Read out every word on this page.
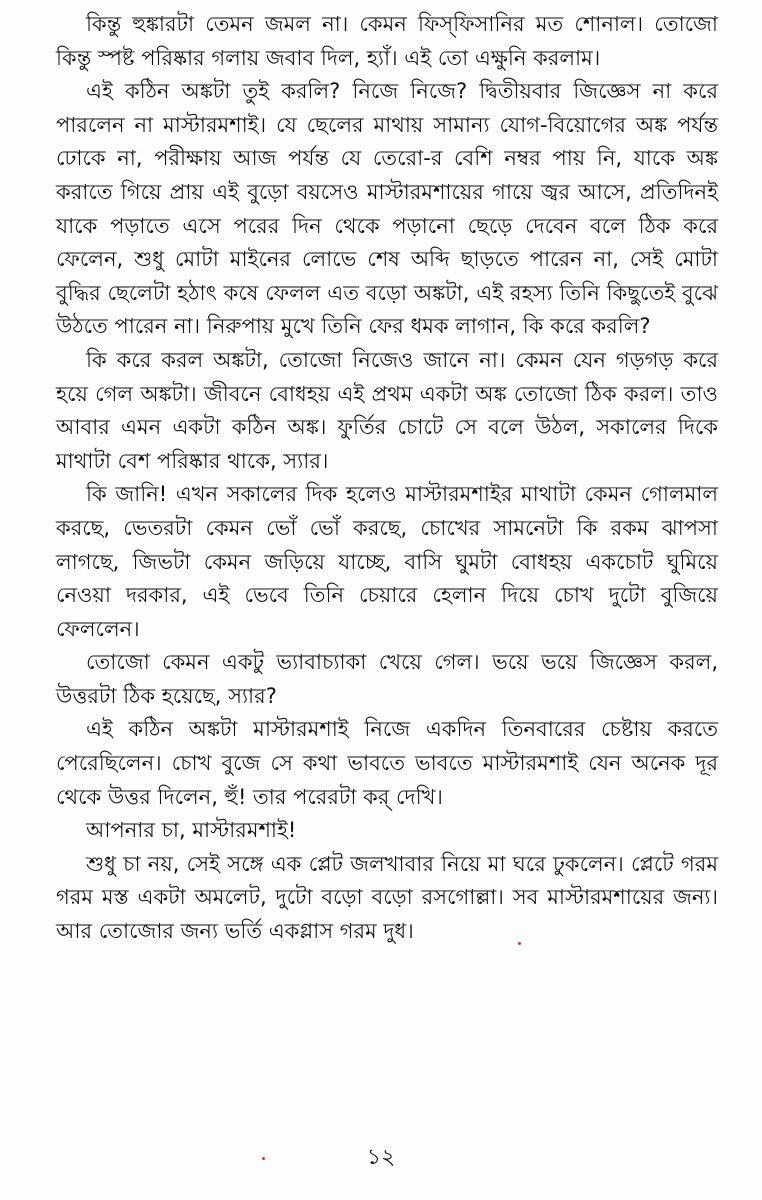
কিন্তু হুঙ্কারটা তেমন জমল না। কেমন ফিস্‌ফিসানির মত শোনাল। তোজো কিন্তু স্পষ্ট পরিষ্কার গলায় জবাব দিল, হ্যাঁ। এই তো এক্ষুনি করলাম।

এই কঠিন অঙ্কটা তুই করলি? নিজে নিজে? দ্বিতীয়বার জিজ্ঞেস না করে পারলেন না মাস্টারমশাই। যে ছেলের মাথায় সামান্য যোগ-বিয়োগের অঙ্ক পর্যন্ত ঢোকে না, পরীক্ষায় আজ পর্যন্ত যে তেরো-র বেশি নম্বর পায় নি, যাকে অঙ্ক করাতে গিয়ে প্রায় এই বুড়ো বয়সেও মাস্টারমশায়ের গায়ে জ্বর আসে, প্রতিদিনই যাকে পড়াতে এসে পরের দিন থেকে পড়ানো ছেড়ে দেবেন বলে ঠিক করে ফেলেন, শুধু মোটা মাইনের লোভে শেষ অব্দি ছাড়তে পারেন না, সেই মোটা বুদ্ধির ছেলেটা হঠাৎ কষে ফেলল এত বড়ো অঙ্কটা, এই রহস্য তিনি কিছুতেই বুঝে উঠতে পারেন না। নিরুপায় মুখে তিনি ফের ধমক লাগান, কি করে করলি?

কি করে করল অঙ্কটা, তোজো নিজেও জানে না। কেমন যেন গড়গড় করে হয়ে গেল অঙ্কটা। জীবনে বোধহয় এই প্রথম একটা অঙ্ক তোজো ঠিক করল। তাও আবার এমন একটা কঠিন অঙ্ক। ফুর্তির চোটে সে বলে উঠল, সকালের দিকে মাথাটা বেশ পরিষ্কার থাকে, স্যার।

কি জানি! এখন সকালের দিক হলেও মাস্টারমশাইর মাথাটা কেমন গোলমাল করছে, ভেতরটা কেমন ভোঁ ভোঁ করছে, চোখের সামনেটা কি রকম ঝাপসা লাগছে, জিভটা কেমন জড়িয়ে যাচ্ছে, বাসি ঘুমটা বোধহয় একচোট ঘুমিয়ে নেওয়া দরকার, এই ভেবে তিনি চেয়ারে হেলান দিয়ে চোখ দুটো বুজিয়ে ফেললেন।

তোজো কেমন একটু ভ্যাবাচ্যাকা খেয়ে গেল। ভয়ে ভয়ে জিজ্ঞেস করল, উত্তরটা ঠিক হয়েছে, স্যার?

এই কঠিন অঙ্কটা মাস্টারমশাই নিজে একদিন তিনবারের চেষ্টায় করতে পেরেছিলেন। চোখ বুজে সে কথা ভাবতে ভাবতে মাস্টারমশাই যেন অনেক দূর থেকে উত্তর দিলেন, হুঁ! তার পরেরটা কর্‌ দেখি।

আপনার চা, মাস্টারমশাই!

শুধু চা নয়, সেই সঙ্গে এক প্লেট জলখাবার নিয়ে মা ঘরে ঢুকলেন। প্লেটে গরম গরম মস্ত একটা অমলেট, দুটো বড়ো বড়ো রসগোল্লা। সব মাস্টারমশায়ের জন্য। আর তোজোর জন্য ভর্তি একগ্লাস গরম দুধ।

১২
